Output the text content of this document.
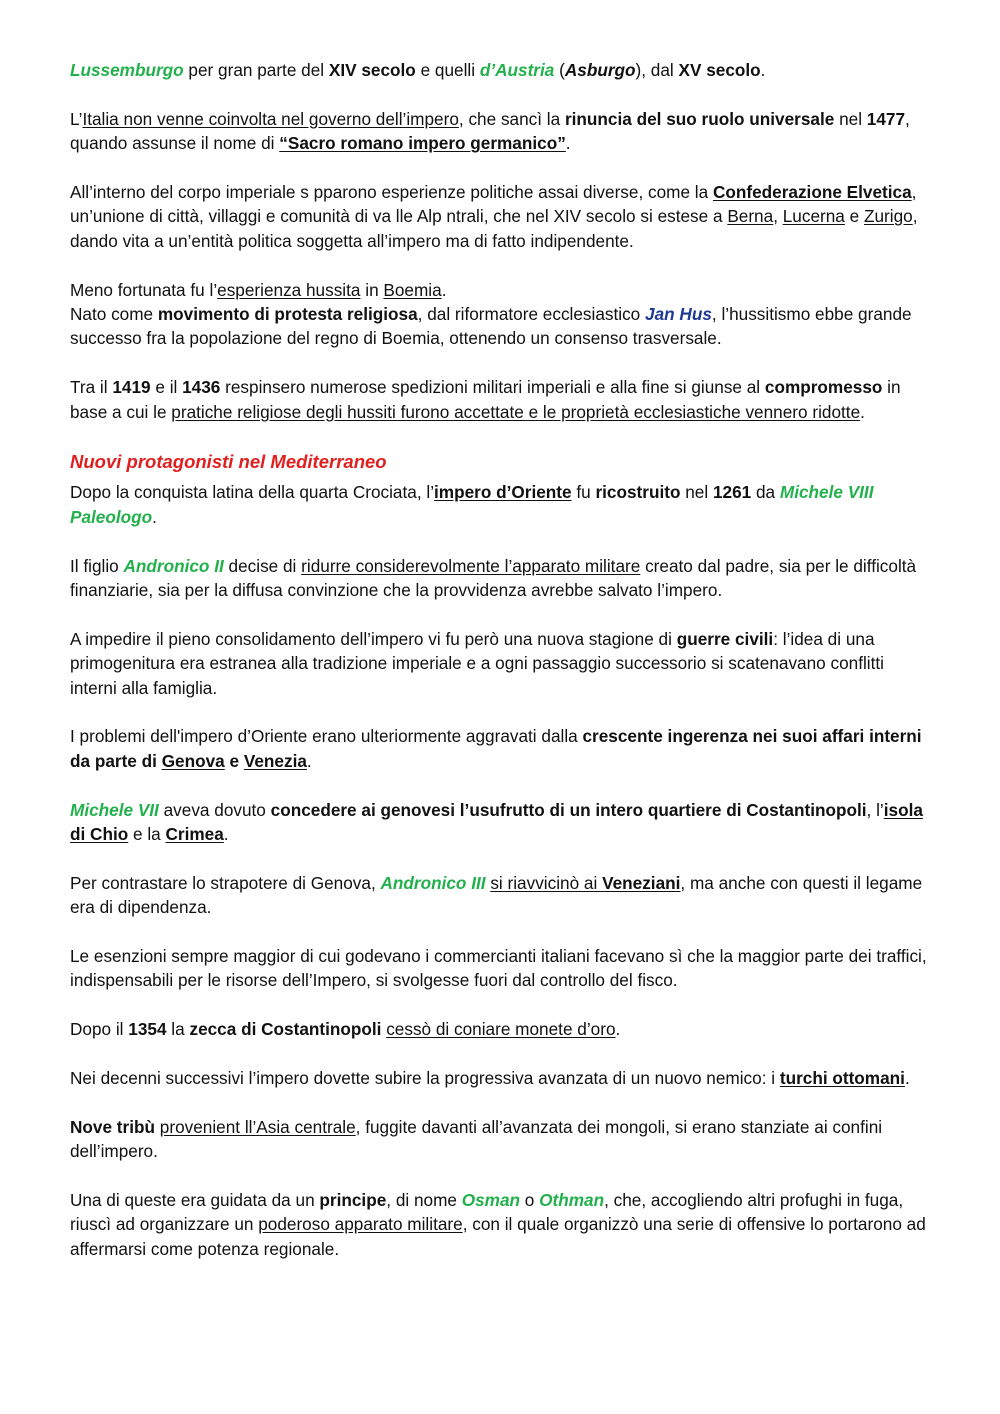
Lussemburgo per gran parte del XIV secolo e quelli d’Austria (Asburgo), dal XV secolo.

L’Italia non venne coinvolta nel governo dell’impero, che sancì la rinuncia del suo ruolo universale nel 1477, quando assunse il nome di “Sacro romano impero germanico”.

All’interno del corpo imperiale s pparono esperienze politiche assai diverse, come la Confederazione Elvetica, un’unione di città, villaggi e comunità di va lle Alp ntrali, che nel XIV secolo si estese a Berna, Lucerna e Zurigo, dando vita a un’entità politica soggetta all’impero ma di fatto indipendente.

Meno fortunata fu l’esperienza hussita in Boemia.

Nato come movimento di protesta religiosa, dal riformatore ecclesiastico Jan Hus, l’hussitismo ebbe grande successo fra la popolazione del regno di Boemia, ottenendo un consenso trasversale.

Tra il 1419 e il 1436 respinsero numerose spedizioni militari imperiali e alla fine si giunse al compromesso in base a cui le pratiche religiose degli hussiti furono accettate e le proprietà ecclesiastiche vennero ridotte.

Nuovi protagonisti nel Mediterraneo

Dopo la conquista latina della quarta Crociata, l’impero d’Oriente fu ricostruito nel 1261 da Michele VIII Paleologo.

Il figlio Andronico II decise di ridurre considerevolmente l’apparato militare creato dal padre, sia per le difficoltà finanziarie, sia per la diffusa convinzione che la provvidenza avrebbe salvato l’impero.

A impedire il pieno consolidamento dell’impero vi fu però una nuova stagione di guerre civili: l’idea di una primogenitura era estranea alla tradizione imperiale e a ogni passaggio successorio si scatenavano conflitti interni alla famiglia.

I problemi dell'impero d’Oriente erano ulteriormente aggravati dalla crescente ingerenza nei suoi affari interni da parte di Genova e Venezia.

Michele VII aveva dovuto concedere ai genovesi l’usufrutto di un intero quartiere di Costantinopoli, l’isola di Chio e la Crimea.

Per contrastare lo strapotere di Genova, Andronico III si riavvicinò ai Veneziani, ma anche con questi il legame era di dipendenza.

Le esenzioni sempre maggior di cui godevano i commercianti italiani facevano sì che la maggior parte dei traffici, indispensabili per le risorse dell’Impero, si svolgesse fuori dal controllo del fisco.

Dopo il 1354 la zecca di Costantinopoli cessò di coniare monete d’oro.

Nei decenni successivi l’impero dovette subire la progressiva avanzata di un nuovo nemico: i turchi ottomani.

Nove tribù provenient ll’Asia centrale, fuggite davanti all’avanzata dei mongoli, si erano stanziate ai confini dell’impero.

Una di queste era guidata da un principe, di nome Osman o Othman, che, accogliendo altri profughi in fuga, riuscì ad organizzare un poderoso apparato militare, con il quale organizzò una serie di offensive lo portarono ad affermarsi come potenza regionale.
